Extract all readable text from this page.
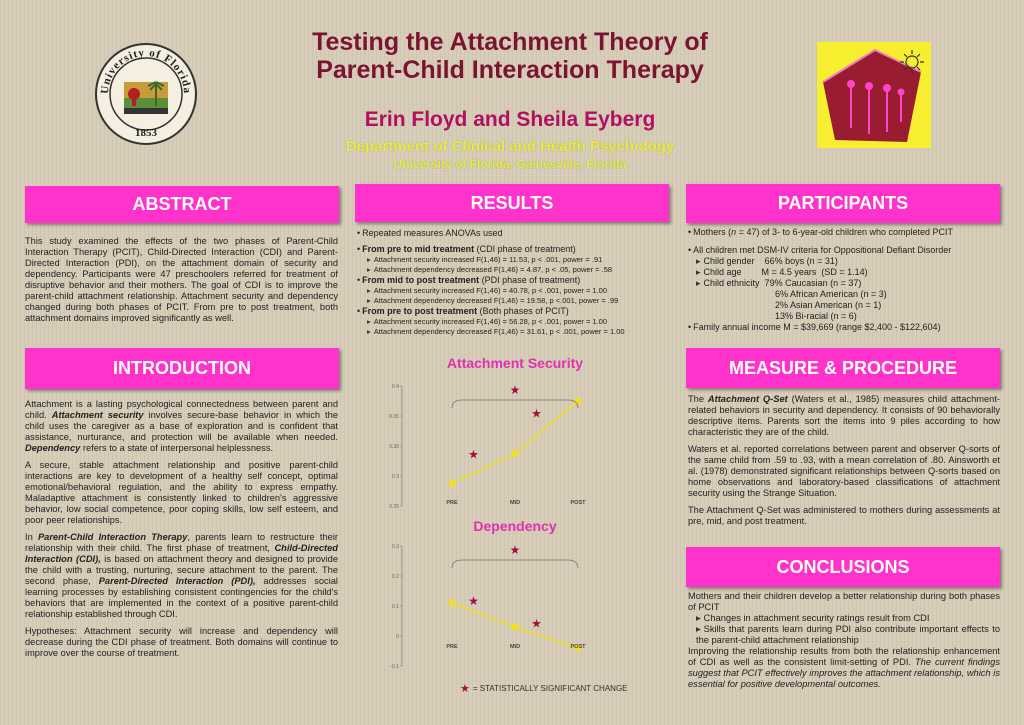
University of Florida
1853
Testing the Attachment Theory of
Parent-Child Interaction Therapy
Erin Floyd and Sheila Eyberg
Department of Clinical and Health Psychology
University of Florida, Gainesville, Florida
ABSTRACT
This study examined the effects of the two phases of Parent-Child Interaction Therapy (PCIT), Child-Directed Interaction (CDI) and Parent-Directed Interaction (PDI), on the attachment domain of security and dependency. Participants were 47 preschoolers referred for treatment of disruptive behavior and their mothers. The goal of CDI is to improve the parent-child attachment relationship. Attachment security and dependency changed during both phases of PCIT. From pre to post treatment, both attachment domains improved significantly as well.
INTRODUCTION

Attachment is a lasting psychological connectedness between parent and child. Attachment security involves secure-base behavior in which the child uses the caregiver as a base of exploration and is confident that assistance, nurturance, and protection will be available when needed. Dependency refers to a state of interpersonal helplessness.

A secure, stable attachment relationship and positive parent-child interactions are key to development of a healthy self concept, optimal emotional/behavioral regulation, and the ability to express empathy. Maladaptive attachment is consistently linked to children's aggressive behavior, low social competence, poor coping skills, low self esteem, and poor peer relationships.

In Parent-Child Interaction Therapy, parents learn to restructure their relationship with their child. The first phase of treatment, Child-Directed Interaction (CDI), is based on attachment theory and designed to provide the child with a trusting, nurturing, secure attachment to the parent. The second phase, Parent-Directed Interaction (PDI), addresses social learning processes by establishing consistent contingencies for the child's behaviors that are implemented in the context of a positive parent-child relationship established through CDI.

Hypotheses: Attachment security will increase and dependency will decrease during the CDI phase of treatment. Both domains will continue to improve over the course of treatment.

RESULTS
• Repeated measures ANOVAs used
• From pre to mid treatment (CDI phase of treatment)
▸ Attachment security increased F(1,46) = 11.53, p < .001, power = .91
▸ Attachment dependency decreased F(1,46) = 4.87, p < .05, power = .58
• From mid to post treatment (PDI phase of treatment)
▸ Attachment security increased F(1,46) = 40.78, p < .001, power = 1.00
▸ Attachment dependency decreased F(1,46) = 19.58, p <.001, power = .99
• From pre to post treatment (Both phases of PCIT)
▸ Attachment security increased F(1,46) = 56.28, p < .001, power = 1.00
▸ Attachment dependency decreased F(1,46) = 31.61, p < .001, power = 1.00
Attachment Security
0.4
0.35
0.30
0.3
0.25
PRE	MID	POST
★
★
★
Dependency
0.3
0.2
0.1
0
-0.1
PRE	MID	POST
★
★
★
★ = STATISTICALLY SIGNIFICANT CHANGE
PARTICIPANTS
• Mothers (n = 47) of 3- to 6-year-old children who completed PCIT
• All children met DSM-IV criteria for Oppositional Defiant Disorder
▸ Child gender    66% boys (n = 31)
▸ Child age        M = 4.5 years  (SD = 1.14)
▸ Child ethnicity  79% Caucasian (n = 37)
6% African American (n = 3)
2% Asian American (n = 1)
13% Bi-racial (n = 6)
• Family annual income M = $39,669 (range $2,400 - $122,604)
MEASURE & PROCEDURE

The Attachment Q-Set (Waters et al., 1985) measures child attachment-related behaviors in security and dependency. It consists of 90 behaviorally descriptive items. Parents sort the items into 9 piles according to how characteristic they are of the child.

Waters et al. reported correlations between parent and observer Q-sorts of the same child from .59 to .93, with a mean correlation of .80. Ainsworth et al. (1978) demonstrated significant relationships between Q-sorts based on home observations and laboratory-based classifications of attachment security using the Strange Situation.

The Attachment Q-Set was administered to mothers during assessments at pre, mid, and post treatment.

CONCLUSIONS
Mothers and their children develop a better relationship during both phases of PCIT
▸ Changes in attachment security ratings result from CDI
▸ Skills that parents learn during PDI also contribute important effects to the parent-child attachment relationship
Improving the relationship results from both the relationship enhancement of CDI as well as the consistent limit-setting of PDI. The current findings suggest that PCIT effectively improves the attachment relationship, which is essential for positive developmental outcomes.
